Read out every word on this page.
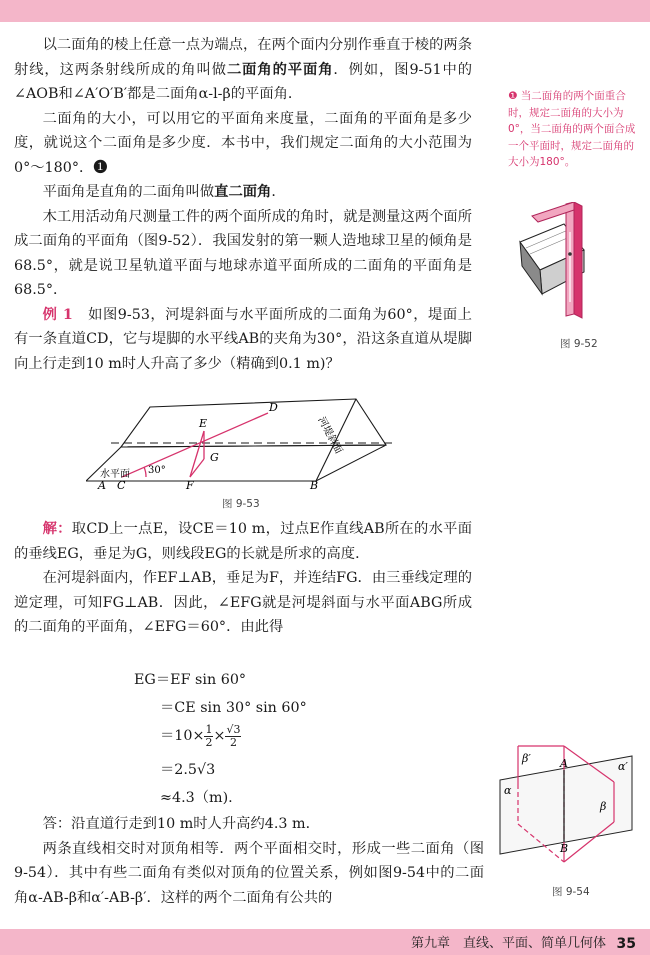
以二面角的棱上任意一点为端点，在两个面内分别作垂直于棱的两条射线，这两条射线所成的角叫做二面角的平面角．例如，图9-51中的∠AOB和∠A′O′B′都是二面角α-l-β的平面角．

二面角的大小，可以用它的平面角来度量，二面角的平面角是多少度，就说这个二面角是多少度．本书中，我们规定二面角的大小范围为0°～180°．❶

平面角是直角的二面角叫做直二面角．

木工用活动角尺测量工件的两个面所成的角时，就是测量这两个面所成二面角的平面角（图9-52）．我国发射的第一颗人造地球卫星的倾角是68.5°，就是说卫星轨道平面与地球赤道平面所成的二面角的平面角是68.5°．

例 1　 如图9-53，河堤斜面与水平面所成的二面角为60°，堤面上有一条直道CD，它与堤脚的水平线AB的夹角为30°，沿这条直道从堤脚向上行走到10 m时人升高了多少（精确到0.1 m)？

D
E
G
水平面
A C
30°
F	B
河堤斜面
图 9-53

解：取CD上一点E，设CE＝10 m，过点E作直线AB所在的水平面的垂线EG，垂足为G，则线段EG的长就是所求的高度．

在河堤斜面内，作EF⊥AB，垂足为F，并连结FG．由三垂线定理的逆定理，可知FG⊥AB．因此，∠EFG就是河堤斜面与水平面ABG所成的二面角的平面角，∠EFG＝60°．由此得

EG＝EF sin 60°
＝CE sin 30° sin 60°
$=10\times \frac{1}{2} \times \frac{√3}{2}$
＝2.5√3
≈4.3（m).

答：沿直道行走到10 m时人升高约4.3 m．

两条直线相交时对顶角相等．两个平面相交时，形成一些二面角（图9-54）．其中有些二面角有类似对顶角的位置关系，例如图9-54中的二面角α-AB-β和α′-AB-β′．这样的两个二面角有公共的

❶ 当二面角的两个面重合时，规定二面角的大小为0°，当二面角的两个面合成一个平面时，规定二面角的大小为180°。
图 9-52
A
B
α
α′
β
β′
图 9-54
第九章　直线、平面、简单几何体 35
